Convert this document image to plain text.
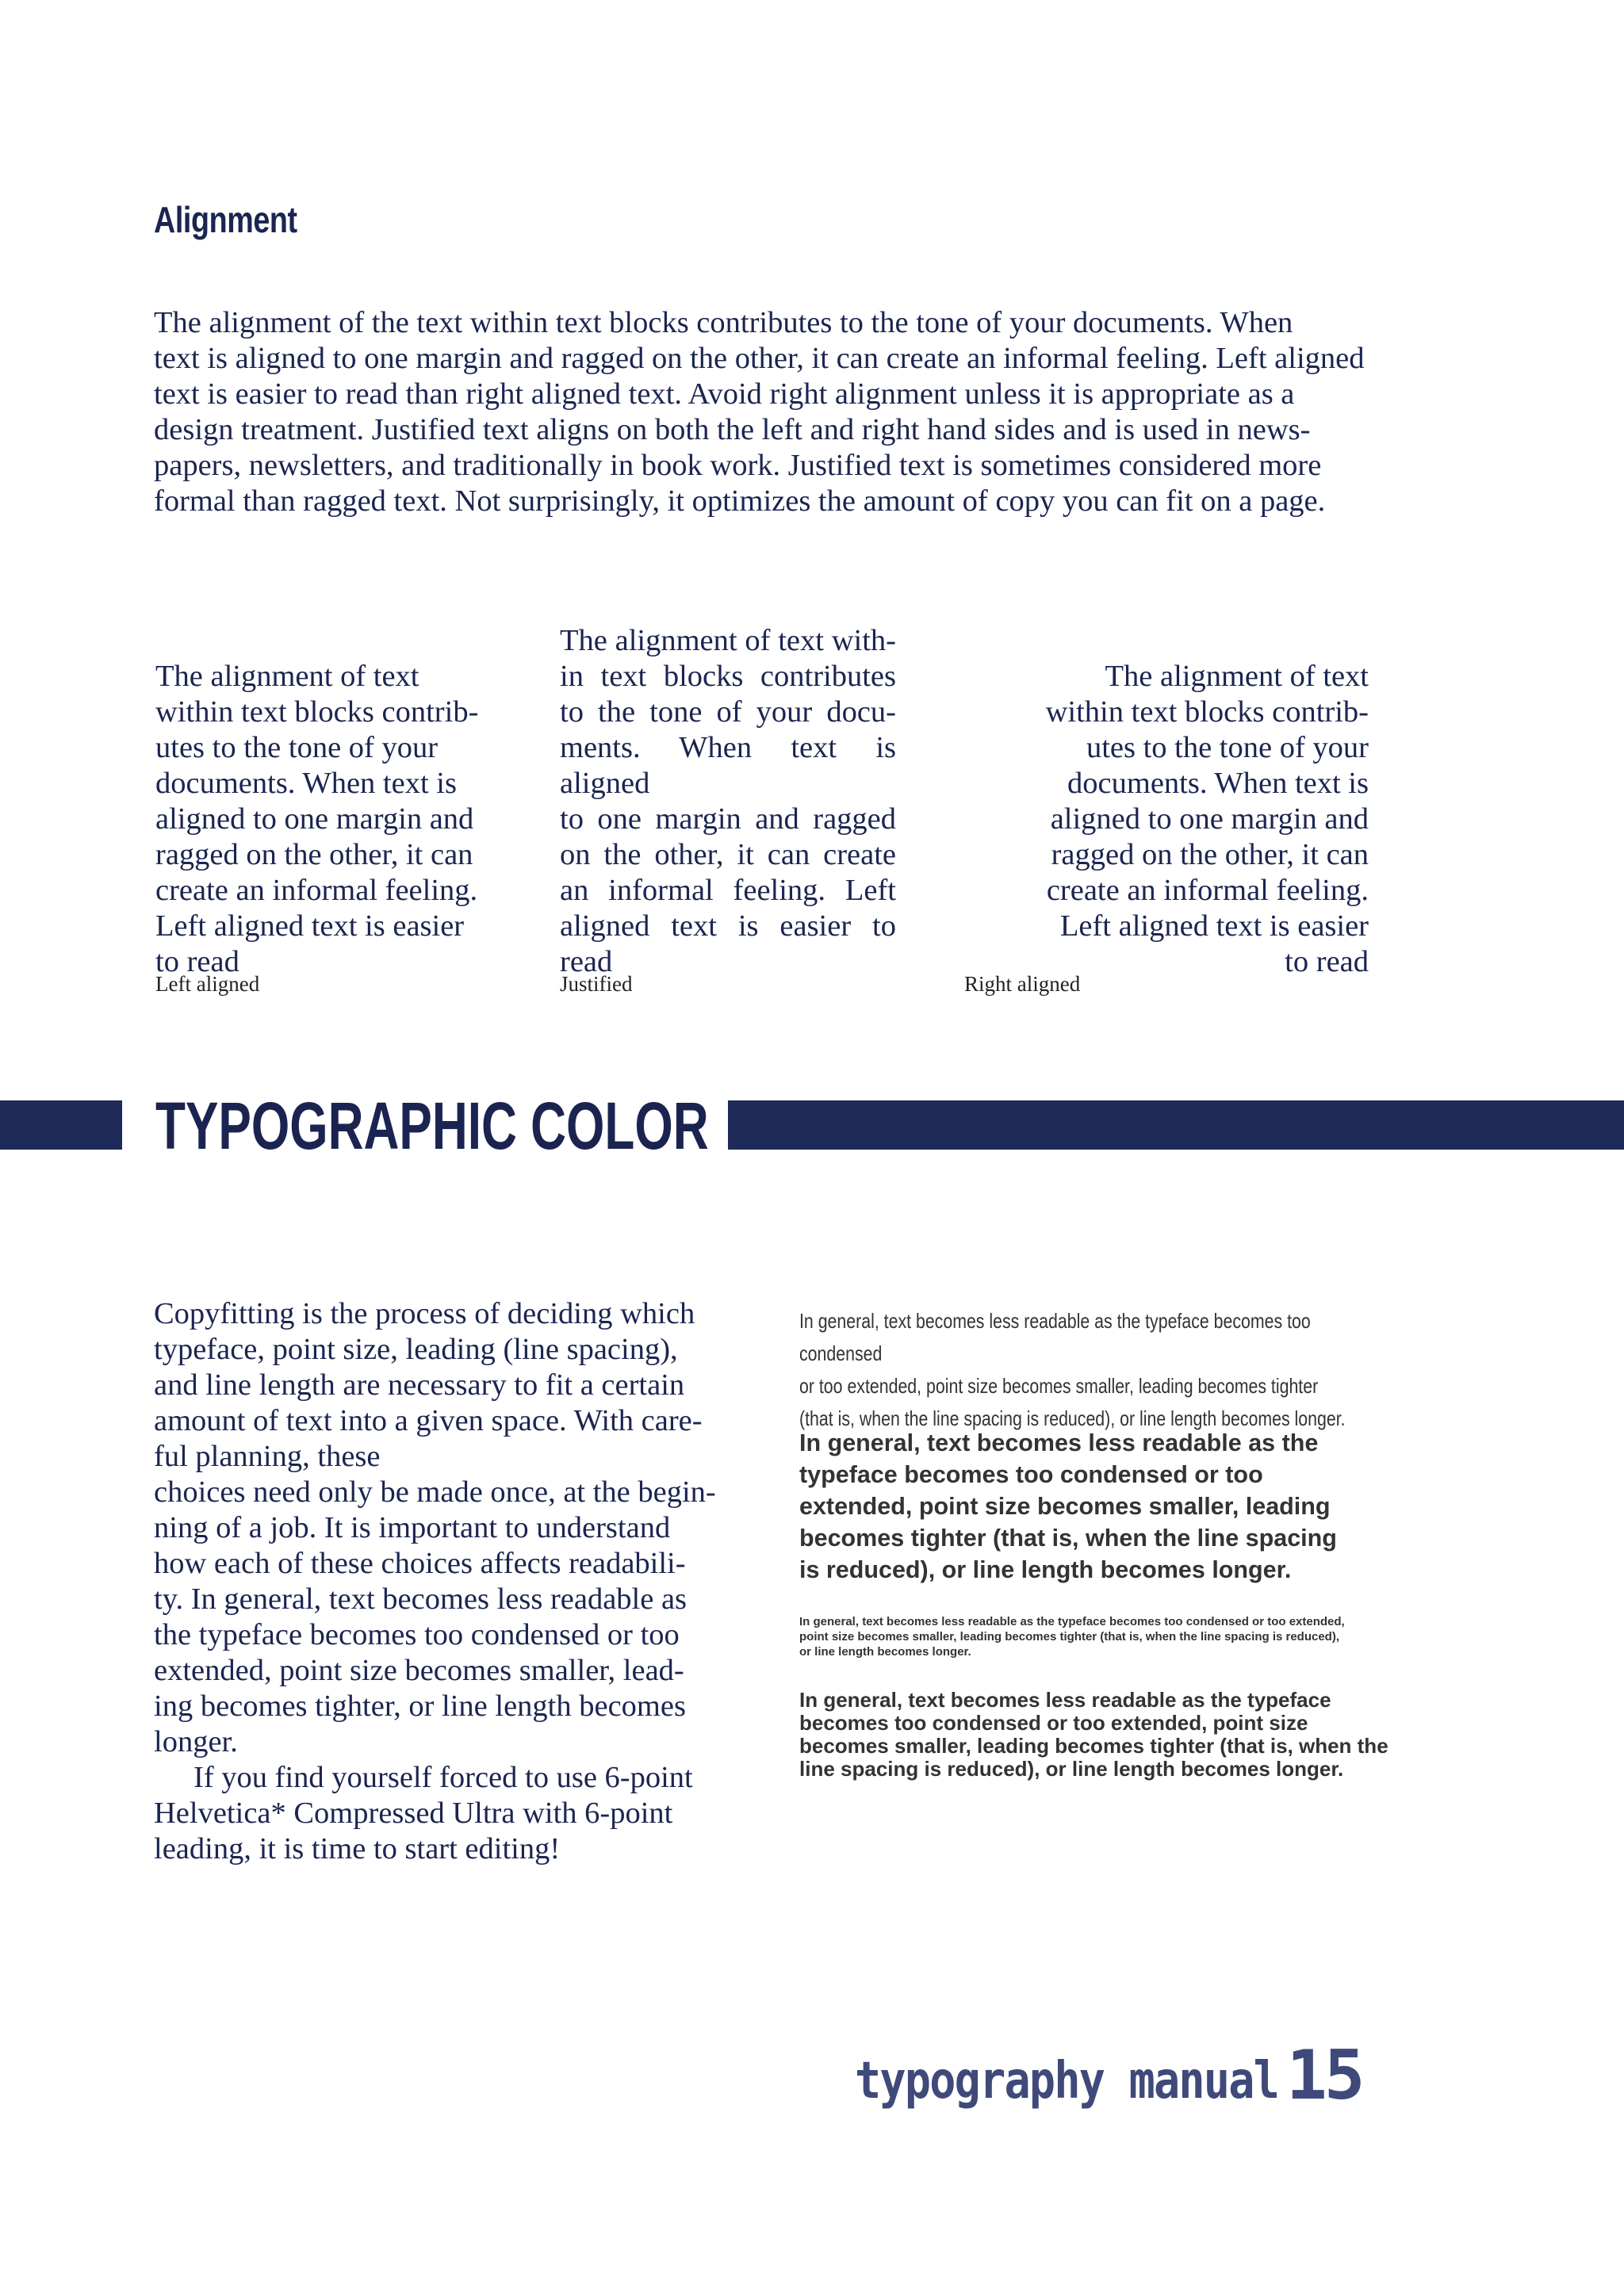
Alignment

The alignment of the text within text blocks contributes to the tone of your documents. When
text is aligned to one margin and ragged on the other, it can create an informal feeling. Left aligned
text is easier to read than right aligned text. Avoid right alignment unless it is appropriate as a
design treatment. Justified text aligns on both the left and right hand sides and is used in news-
papers, newsletters, and traditionally in book work. Justified text is sometimes considered more
formal than ragged text. Not surprisingly, it optimizes the amount of copy you can fit on a page.

The alignment of text
within text blocks contrib-
utes to the tone of your
documents. When text is
aligned to one margin and
ragged on the other, it can
create an informal feeling.
Left aligned text is easier
to read

The alignment of text with-
in text blocks contributes
to the tone of your docu-
ments. When text is aligned
to one margin and ragged
on the other, it can create
an informal feeling. Left
aligned text is easier to read

The alignment of text
within text blocks contrib-
utes to the tone of your
documents. When text is
aligned to one margin and
ragged on the other, it can
create an informal feeling.
Left aligned text is easier
to read

Left aligned	Justified	Right aligned

TYPOGRAPHIC COLOR

Copyfitting is the process of deciding which
typeface, point size, leading (line spacing),
and line length are necessary to fit a certain
amount of text into a given space. With care-
ful planning, these
choices need only be made once, at the begin-
ning of a job. It is important to understand
how each of these choices affects readabili-
ty. In general, text becomes less readable as
the typeface becomes too condensed or too
extended, point size becomes smaller, lead-
ing becomes tighter, or line length becomes
longer.
If you find yourself forced to use 6-point
Helvetica* Compressed Ultra with 6-point
leading, it is time to start editing!

In general, text becomes less readable as the typeface becomes too condensed
or too extended, point size becomes smaller, leading becomes tighter
(that is, when the line spacing is reduced), or line length becomes longer.

In general, text becomes less readable as the
typeface becomes too condensed or too
extended, point size becomes smaller, leading
becomes tighter (that is, when the line spacing
is reduced), or line length becomes longer.

In general, text becomes less readable as the typeface becomes too condensed or too extended,
point size becomes smaller, leading becomes tighter (that is, when the line spacing is reduced),
or line length becomes longer.

In general, text becomes less readable as the typeface
becomes too condensed or too extended, point size
becomes smaller, leading becomes tighter (that is, when the
line spacing is reduced), or line length becomes longer.

typography manual 15
